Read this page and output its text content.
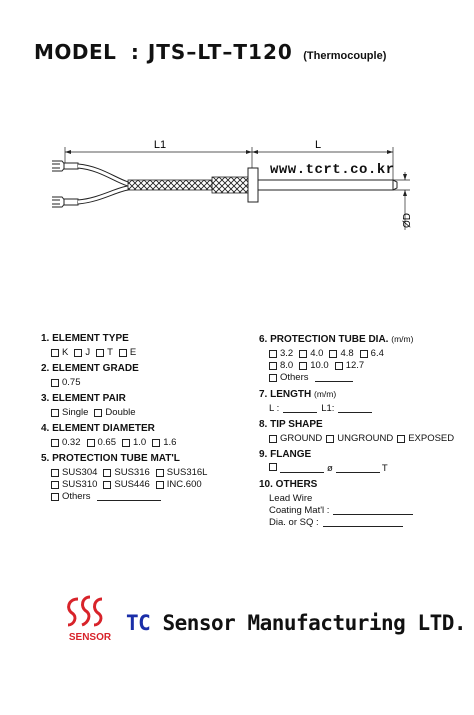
MODEL : JTS–LT–T120 (Thermocouple)
L1	L
ØD
www.tcrt.co.kr
1. ELEMENT TYPE
K J T E
2. ELEMENT GRADE
0.75
3. ELEMENT PAIR
Single Double
4. ELEMENT DIAMETER
0.32 0.65 1.0 1.6
5. PROTECTION TUBE MAT'L
SUS304 SUS316 SUS316L
SUS310 SUS446 INC.600
Others
6. PROTECTION TUBE DIA. (m/m)
3.2 4.0 4.8 6.4
8.0 10.0 12.7
Others
7. LENGTH (m/m)
L :	L1:
8. TIP SHAPE
GROUND UNGROUND EXPOSED
9. FLANGE
ø	T
10. OTHERS
Lead Wire
Coating Mat'l :
Dia. or SQ :
SENSOR
TC Sensor Manufacturing LTD.
